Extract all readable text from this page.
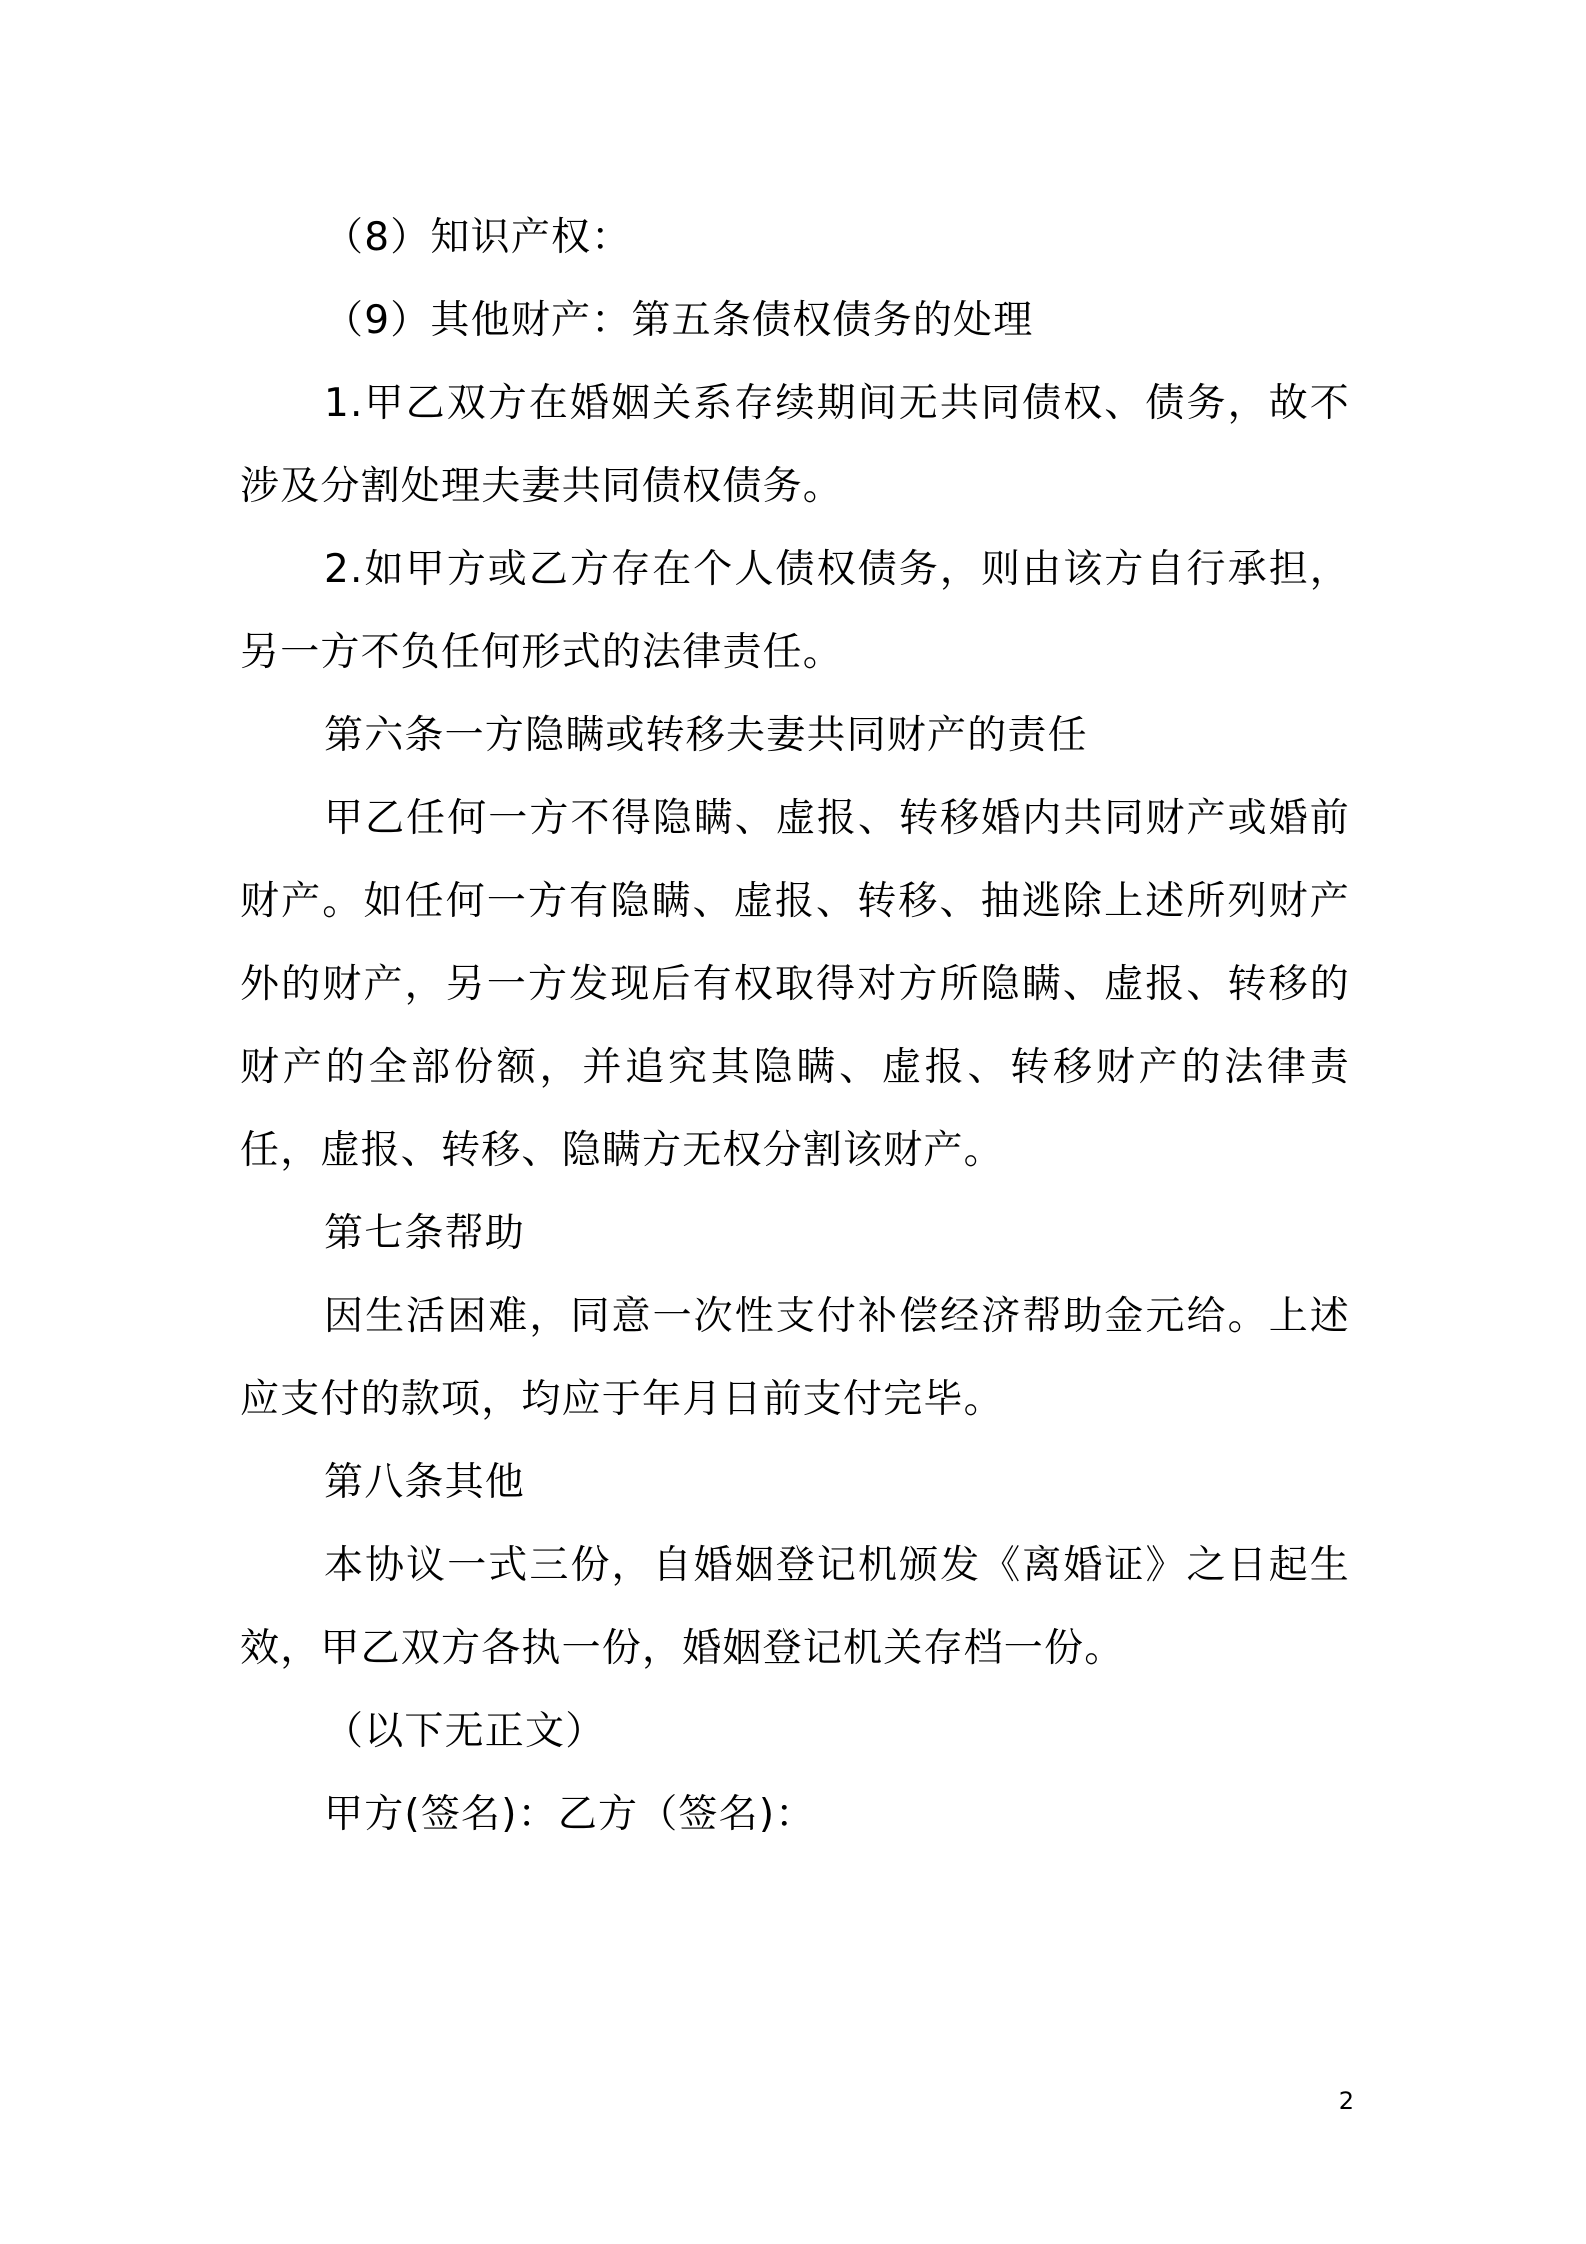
（8）知识产权：

（9）其他财产：第五条债权债务的处理

1.甲乙双方在婚姻关系存续期间无共同债权、债务，故不涉及分割处理夫妻共同债权债务。

2.如甲方或乙方存在个人债权债务，则由该方自行承担，另一方不负任何形式的法律责任。

第六条一方隐瞒或转移夫妻共同财产的责任

甲乙任何一方不得隐瞒、虚报、转移婚内共同财产或婚前财产。如任何一方有隐瞒、虚报、转移、抽逃除上述所列财产外的财产，另一方发现后有权取得对方所隐瞒、虚报、转移的财产的全部份额，并追究其隐瞒、虚报、转移财产的法律责任，虚报、转移、隐瞒方无权分割该财产。

第七条帮助

因生活困难，同意一次性支付补偿经济帮助金元给。上述应支付的款项，均应于年月日前支付完毕。

第八条其他

本协议一式三份，自婚姻登记机颁发《离婚证》之日起生效，甲乙双方各执一份，婚姻登记机关存档一份。

（以下无正文）

甲方(签名)：乙方（签名)：

2
